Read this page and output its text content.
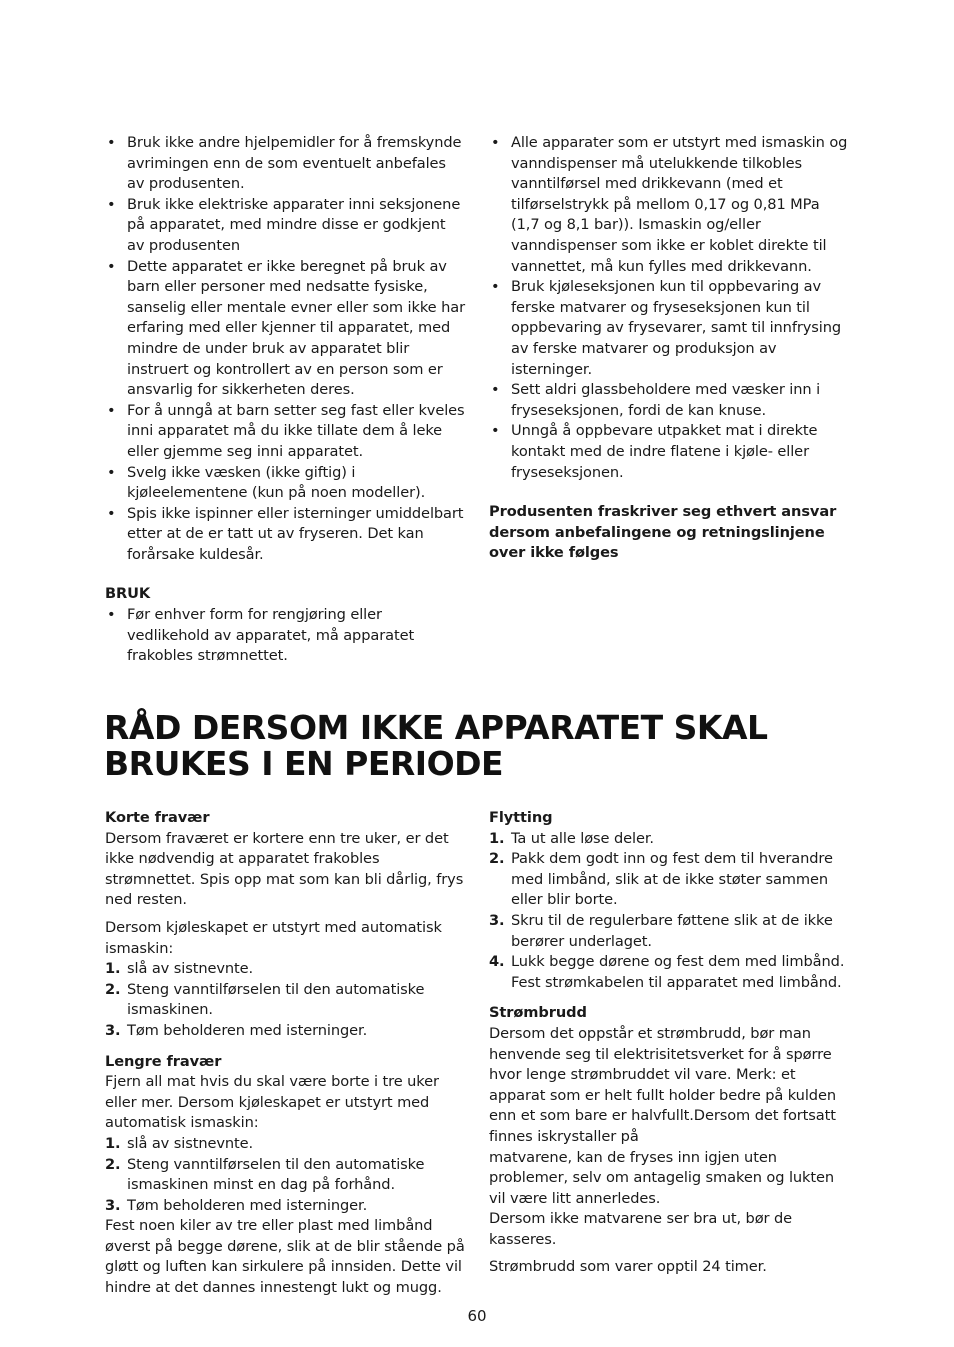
• Bruk ikke andre hjelpemidler for å fremskynde avrimingen enn de som eventuelt anbefales av produsenten.
• Bruk ikke elektriske apparater inni seksjonene på apparatet, med mindre disse er godkjent av produsenten
• Dette apparatet er ikke beregnet på bruk av barn eller personer med nedsatte fysiske, sanselig eller mentale evner eller som ikke har erfaring med eller kjenner til apparatet, med mindre de under bruk av apparatet blir instruert og kontrollert av en person som er ansvarlig for sikkerheten deres.
• For å unngå at barn setter seg fast eller kveles inni apparatet må du ikke tillate dem å leke eller gjemme seg inni apparatet.
• Svelg ikke væsken (ikke giftig) i kjøleelementene (kun på noen modeller).
• Spis ikke ispinner eller isterninger umiddelbart etter at de er tatt ut av fryseren. Det kan forårsake kuldesår.

BRUK

• Før enhver form for rengjøring eller vedlikehold av apparatet, må apparatet frakobles strømnettet.
• Alle apparater som er utstyrt med ismaskin og vanndispenser må utelukkende tilkobles vanntilførsel med drikkevann (med et tilførselstrykk på mellom 0,17 og 0,81 MPa (1,7 og 8,1 bar)). Ismaskin og/eller vanndispenser som ikke er koblet direkte til vannettet, må kun fylles med drikkevann.
• Bruk kjøleseksjonen kun til oppbevaring av ferske matvarer og fryseseksjonen kun til oppbevaring av frysevarer, samt til innfrysing av ferske matvarer og produksjon av isterninger.
• Sett aldri glassbeholdere med væsker inn i fryseseksjonen, fordi de kan knuse.
• Unngå å oppbevare utpakket mat i direkte kontakt med de indre flatene i kjøle- eller fryseseksjonen.

Produsenten fraskriver seg ethvert ansvar dersom anbefalingene og retningslinjene over ikke følges

RÅD DERSOM IKKE APPARATET SKAL
BRUKES I EN PERIODE

Korte fravær

Dersom fraværet er kortere enn tre uker, er det ikke nødvendig at apparatet frakobles strømnettet. Spis opp mat som kan bli dårlig, frys ned resten.

Dersom kjøleskapet er utstyrt med automatisk ismaskin:

1. slå av sistnevnte.
2. Steng vanntilførselen til den automatiske ismaskinen.
3. Tøm beholderen med isterninger.

Lengre fravær

Fjern all mat hvis du skal være borte i tre uker eller mer. Dersom kjøleskapet er utstyrt med automatisk ismaskin:

1. slå av sistnevnte.
2. Steng vanntilførselen til den automatiske ismaskinen minst en dag på forhånd.
3. Tøm beholderen med isterninger.

Fest noen kiler av tre eller plast med limbånd øverst på begge dørene, slik at de blir stående på gløtt og luften kan sirkulere på innsiden. Dette vil hindre at det dannes innestengt lukt og mugg.

Flytting

1. Ta ut alle løse deler.
2. Pakk dem godt inn og fest dem til hverandre med limbånd, slik at de ikke støter sammen eller blir borte.
3. Skru til de regulerbare føttene slik at de ikke berører underlaget.
4. Lukk begge dørene og fest dem med limbånd. Fest strømkabelen til apparatet med limbånd.

Strømbrudd

Dersom det oppstår et strømbrudd, bør man henvende seg til elektrisitetsverket for å spørre hvor lenge strømbruddet vil vare. Merk: et apparat som er helt fullt holder bedre på kulden enn et som bare er halvfullt.Dersom det fortsatt finnes iskrystaller på

matvarene, kan de fryses inn igjen uten problemer, selv om antagelig smaken og lukten vil være litt annerledes.

Dersom ikke matvarene ser bra ut, bør de kasseres.

Strømbrudd som varer opptil 24 timer.

60
